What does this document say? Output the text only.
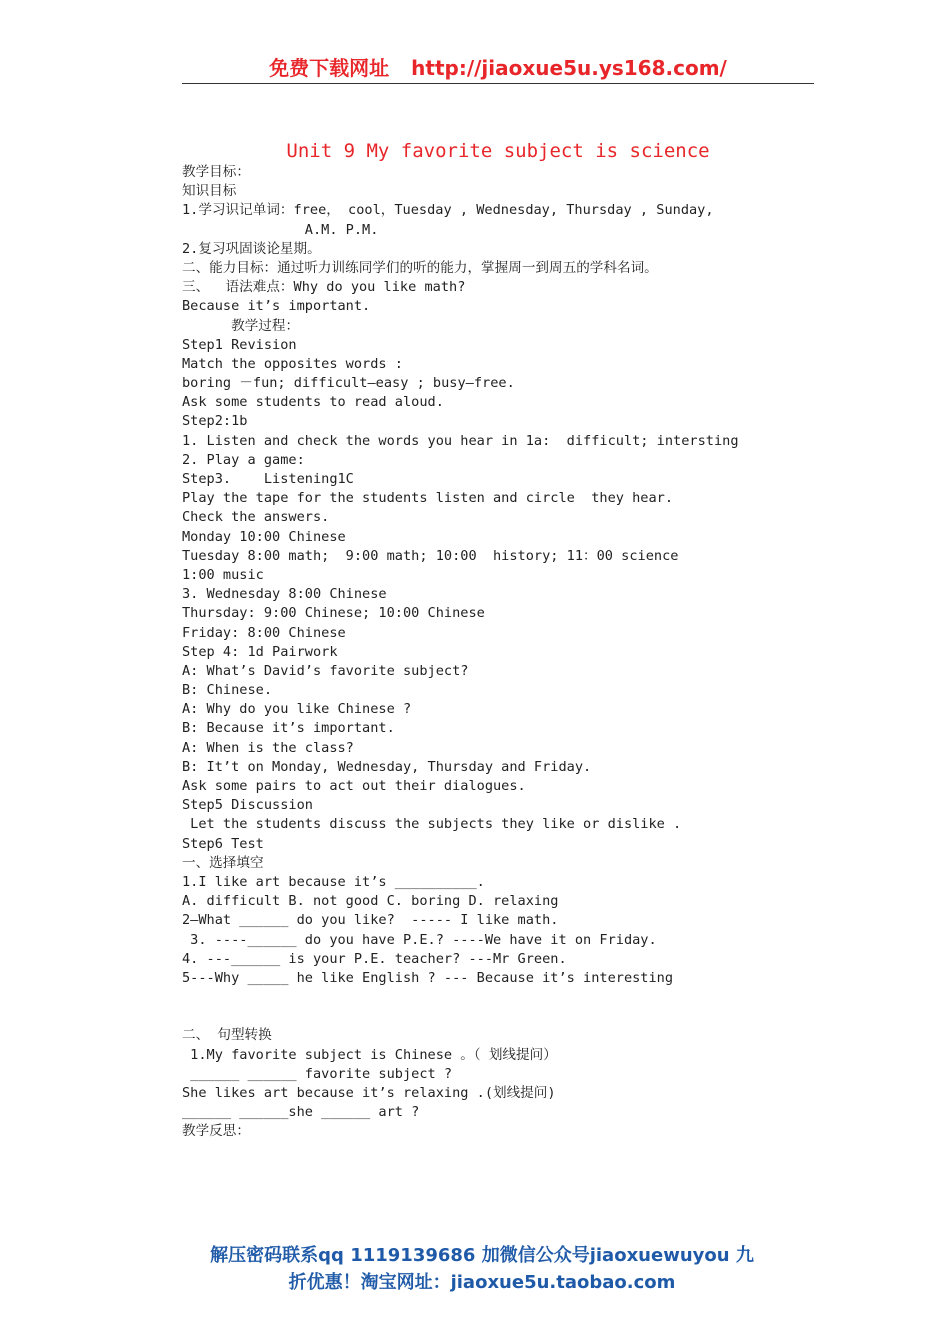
免费下载网址 http://jiaoxue5u.ys168.com/
Unit 9 My favorite subject is science
教学目标：
知识目标
1.学习识记单词：free， cool，Tuesday , Wednesday, Thursday , Sunday,
A.M. P.M.
2.复习巩固谈论星期。
二、能力目标：通过听力训练同学们的听的能力，掌握周一到周五的学科名词。
三、  语法难点：Why do you like math?
Because it’s important.
教学过程：
Step1 Revision
Match the opposites words :
boring －fun; difficult—easy ; busy—free.
Ask some students to read aloud.
Step2:1b
1. Listen and check the words you hear in 1a:  difficult; intersting
2. Play a game:
Step3.    Listening1C
Play the tape for the students listen and circle  they hear.
Check the answers.
Monday 10:00 Chinese
Tuesday 8:00 math;  9:00 math; 10:00  history; 11：00 science
1:00 music
3. Wednesday 8:00 Chinese
Thursday: 9:00 Chinese; 10:00 Chinese
Friday: 8:00 Chinese
Step 4: 1d Pairwork
A: What’s David’s favorite subject?
B: Chinese.
A: Why do you like Chinese ?
B: Because it’s important.
A: When is the class?
B: It’t on Monday, Wednesday, Thursday and Friday.
Ask some pairs to act out their dialogues.
Step5 Discussion
Let the students discuss the subjects they like or dislike .
Step6 Test
一、选择填空
1.I like art because it’s __________.
A. difficult B. not good C. boring D. relaxing
2—What ______ do you like?  ----- I like math.
3. ----______ do you have P.E.? ----We have it on Friday.
4. ---______ is your P.E. teacher? ---Mr Green.
5---Why _____ he like English ? --- Because it’s interesting
二、 句型转换
1.My favorite subject is Chinese 。（ 划线提问）
______ ______ favorite subject ?
She likes art because it’s relaxing .(划线提问)
______ ______she ______ art ?
教学反思：
解压密码联系qq 1119139686 加微信公众号jiaoxuewuyou 九
折优惠！淘宝网址：jiaoxue5u.taobao.com
